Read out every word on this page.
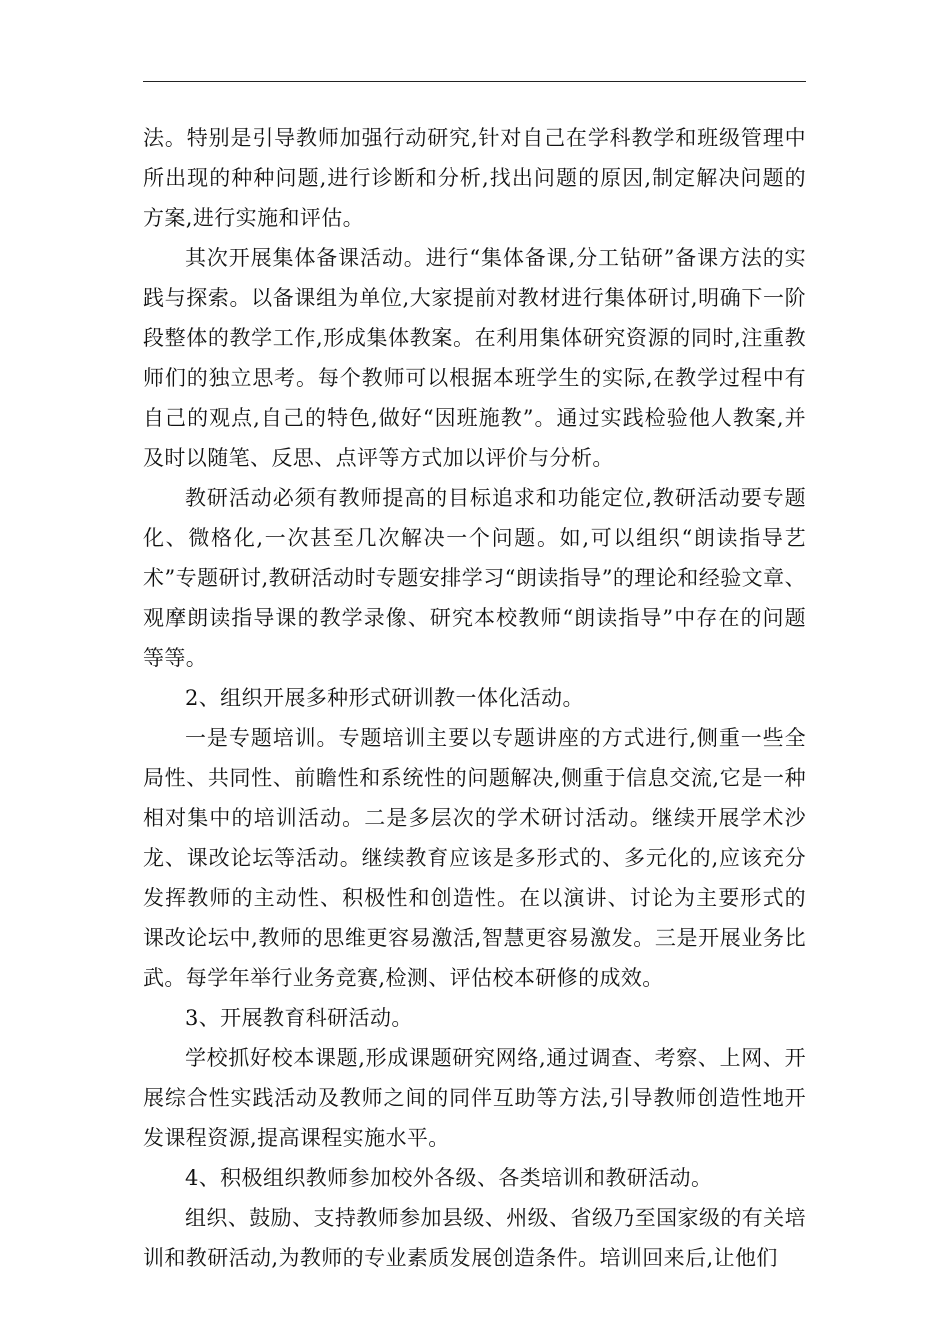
法。特别是引导教师加强行动研究,针对自己在学科教学和班级管理中所出现的种种问题,进行诊断和分析,找出问题的原因,制定解决问题的方案,进行实施和评估。

其次开展集体备课活动。进行“集体备课,分工钻研”备课方法的实践与探索。以备课组为单位,大家提前对教材进行集体研讨,明确下一阶段整体的教学工作,形成集体教案。在利用集体研究资源的同时,注重教师们的独立思考。每个教师可以根据本班学生的实际,在教学过程中有自己的观点,自己的特色,做好“因班施教”。通过实践检验他人教案,并及时以随笔、反思、点评等方式加以评价与分析。

教研活动必须有教师提高的目标追求和功能定位,教研活动要专题化、微格化,一次甚至几次解决一个问题。如,可以组织“朗读指导艺术”专题研讨,教研活动时专题安排学习“朗读指导”的理论和经验文章、观摩朗读指导课的教学录像、研究本校教师“朗读指导”中存在的问题等等。

2、组织开展多种形式研训教一体化活动。

一是专题培训。专题培训主要以专题讲座的方式进行,侧重一些全局性、共同性、前瞻性和系统性的问题解决,侧重于信息交流,它是一种相对集中的培训活动。二是多层次的学术研讨活动。继续开展学术沙龙、课改论坛等活动。继续教育应该是多形式的、多元化的,应该充分发挥教师的主动性、积极性和创造性。在以演讲、讨论为主要形式的课改论坛中,教师的思维更容易激活,智慧更容易激发。三是开展业务比武。每学年举行业务竞赛,检测、评估校本研修的成效。

3、开展教育科研活动。

学校抓好校本课题,形成课题研究网络,通过调查、考察、上网、开展综合性实践活动及教师之间的同伴互助等方法,引导教师创造性地开发课程资源,提高课程实施水平。

4、积极组织教师参加校外各级、各类培训和教研活动。

组织、鼓励、支持教师参加县级、州级、省级乃至国家级的有关培训和教研活动,为教师的专业素质发展创造条件。培训回来后,让他们
